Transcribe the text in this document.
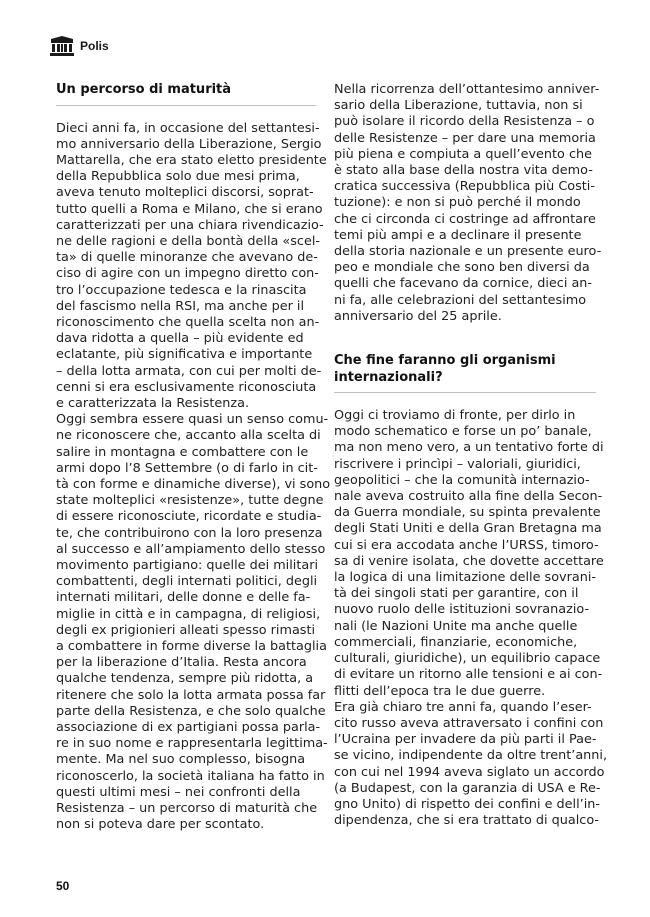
Polis
Un percorso di maturità
Dieci anni fa, in occasione del settantesi-
mo anniversario della Liberazione, Sergio
Mattarella, che era stato eletto presidente
della Repubblica solo due mesi prima,
aveva tenuto molteplici discorsi, soprat-
tutto quelli a Roma e Milano, che si erano
caratterizzati per una chiara rivendicazio-
ne delle ragioni e della bontà della «scel-
ta» di quelle minoranze che avevano de-
ciso di agire con un impegno diretto con-
tro l’occupazione tedesca e la rinascita
del fascismo nella RSI, ma anche per il
riconoscimento che quella scelta non an-
dava ridotta a quella – più evidente ed
eclatante, più significativa e importante
– della lotta armata, con cui per molti de-
cenni si era esclusivamente riconosciuta
e caratterizzata la Resistenza.
Oggi sembra essere quasi un senso comu-
ne riconoscere che, accanto alla scelta di
salire in montagna e combattere con le
armi dopo l’8 Settembre (o di farlo in cit-
tà con forme e dinamiche diverse), vi sono
state molteplici «resistenze», tutte degne
di essere riconosciute, ricordate e studia-
te, che contribuirono con la loro presenza
al successo e all’ampiamento dello stesso
movimento partigiano: quelle dei militari
combattenti, degli internati politici, degli
internati militari, delle donne e delle fa-
miglie in città e in campagna, di religiosi,
degli ex prigionieri alleati spesso rimasti
a combattere in forme diverse la battaglia
per la liberazione d’Italia. Resta ancora
qualche tendenza, sempre più ridotta, a
ritenere che solo la lotta armata possa far
parte della Resistenza, e che solo qualche
associazione di ex partigiani possa parla-
re in suo nome e rappresentarla legittima-
mente. Ma nel suo complesso, bisogna
riconoscerlo, la società italiana ha fatto in
questi ultimi mesi – nei confronti della
Resistenza – un percorso di maturità che
non si poteva dare per scontato.
Nella ricorrenza dell’ottantesimo anniver-
sario della Liberazione, tuttavia, non si
può isolare il ricordo della Resistenza – o
delle Resistenze – per dare una memoria
più piena e compiuta a quell’evento che
è stato alla base della nostra vita demo-
cratica successiva (Repubblica più Costi-
tuzione): e non si può perché il mondo
che ci circonda ci costringe ad affrontare
temi più ampi e a declinare il presente
della storia nazionale e un presente euro-
peo e mondiale che sono ben diversi da
quelli che facevano da cornice, dieci an-
ni fa, alle celebrazioni del settantesimo
anniversario del 25 aprile.
Che fine faranno gli organismi
internazionali?
Oggi ci troviamo di fronte, per dirlo in
modo schematico e forse un po’ banale,
ma non meno vero, a un tentativo forte di
riscrivere i princìpi – valoriali, giuridici,
geopolitici – che la comunità internazio-
nale aveva costruito alla fine della Secon-
da Guerra mondiale, su spinta prevalente
degli Stati Uniti e della Gran Bretagna ma
cui si era accodata anche l’URSS, timoro-
sa di venire isolata, che dovette accettare
la logica di una limitazione delle sovrani-
tà dei singoli stati per garantire, con il
nuovo ruolo delle istituzioni sovranazio-
nali (le Nazioni Unite ma anche quelle
commerciali, finanziarie, economiche,
culturali, giuridiche), un equilibrio capace
di evitare un ritorno alle tensioni e ai con-
flitti dell’epoca tra le due guerre.
Era già chiaro tre anni fa, quando l’eser-
cito russo aveva attraversato i confini con
l’Ucraina per invadere da più parti il Pae-
se vicino, indipendente da oltre trent’anni,
con cui nel 1994 aveva siglato un accordo
(a Budapest, con la garanzia di USA e Re-
gno Unito) di rispetto dei confini e dell’in-
dipendenza, che si era trattato di qualco-
50
